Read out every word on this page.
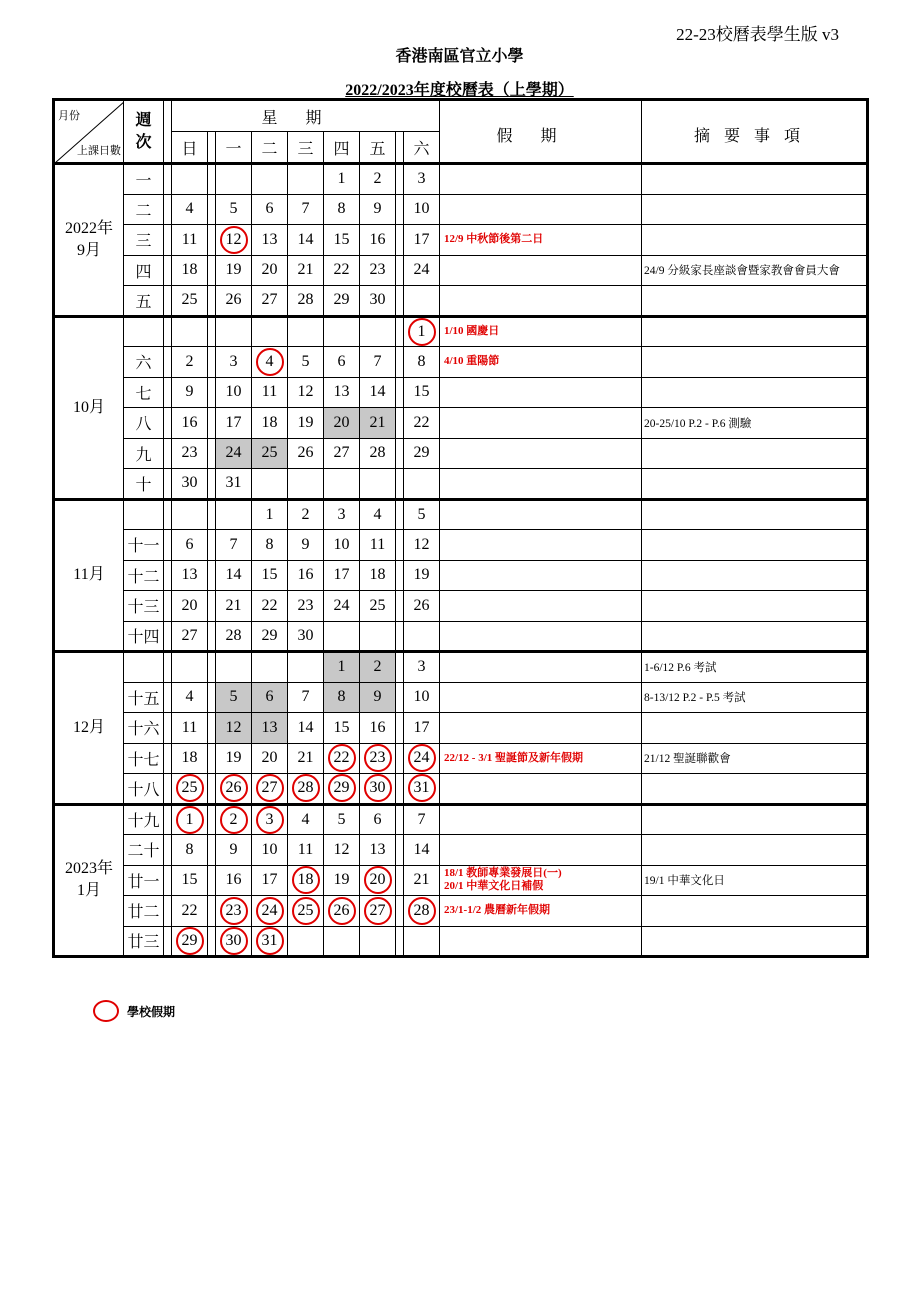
22-23校曆表學生版 v3
香港南區官立小學
2022/2023年度校曆表（上學期）
月份
上課日數	週次		星期									假期	摘要事項
			日		一	二	三	四	五		六		
2022年
9月	一							1	2		3		
	二		4		5	6	7	8	9		10		
	三		11		12	13	14	15	16		17	12/9 中秋節後第二日	
	四		18		19	20	21	22	23		24		24/9 分級家長座談會暨家教會會員大會
	五		25		26	27	28	29	30				
10月											1	1/10 國慶日	
	六		2		3	4	5	6	7		8	4/10 重陽節	
	七		9		10	11	12	13	14		15		
	八		16		17	18	19	20	21		22		20-25/10 P.2 - P.6 測驗
	九		23		24	25	26	27	28		29		
	十		30		31								
11月						1	2	3	4		5		
	十一		6		7	8	9	10	11		12		
	十二		13		14	15	16	17	18		19		
	十三		20		21	22	23	24	25		26		
	十四		27		28	29	30						
12月								1	2		3		1-6/12 P.6 考試
	十五		4		5	6	7	8	9		10		8-13/12 P.2 - P.5 考試
	十六		11		12	13	14	15	16		17		
	十七		18		19	20	21	22	23		24	22/12 - 3/1 聖誕節及新年假期	21/12 聖誕聯歡會
	十八		25		26	27	28	29	30		31		
2023年
1月	十九		1		2	3	4	5	6		7		
	二十		8		9	10	11	12	13		14		
	廿一		15		16	17	18	19	20		21	18/1 教師專業發展日(一)
20/1 中華文化日補假	19/1 中華文化日
	廿二		22		23	24	25	26	27		28	23/1-1/2 農曆新年假期	
	廿三		29		30	31							
學校假期
